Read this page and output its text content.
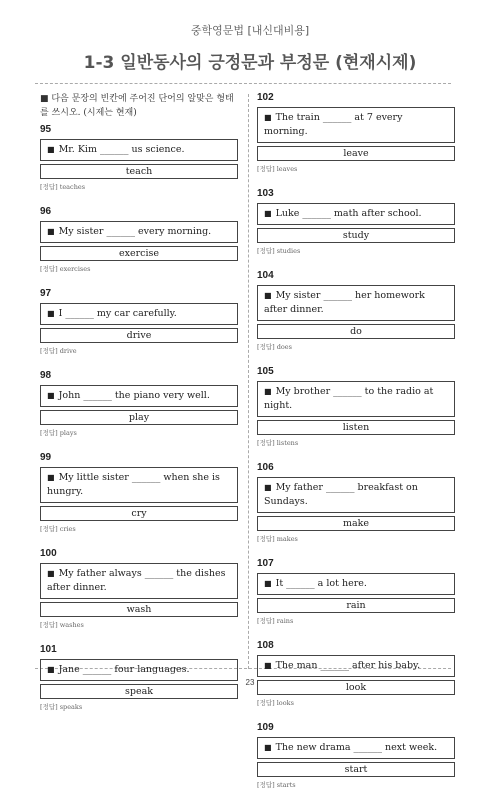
중학영문법 [내신대비용]
1-3 일반동사의 긍정문과 부정문 (현재시제)

■ 다음 문장의 빈칸에 주어진 단어의 알맞은 형태를 쓰시오. (시제는 현재)

95
■ Mr. Kim ______ us science.
teach
[정답] teaches
96
■ My sister ______ every morning.
exercise
[정답] exercises
97
■ I ______ my car carefully.
drive
[정답] drive
98
■ John ______ the piano very well.
play
[정답] plays
99
■ My little sister ______ when she is hungry.
cry
[정답] cries
100
■ My father always ______ the dishes after dinner.
wash
[정답] washes
101
■ Jane ______ four languages.
speak
[정답] speaks
102
■ The train ______ at 7 every morning.
leave
[정답] leaves
103
■ Luke ______ math after school.
study
[정답] studies
104
■ My sister ______ her homework after dinner.
do
[정답] does
105
■ My brother ______ to the radio at night.
listen
[정답] listens
106
■ My father ______ breakfast on Sundays.
make
[정답] makes
107
■ It ______ a lot here.
rain
[정답] rains
108
■ The man ______ after his baby.
look
[정답] looks
109
■ The new drama ______ next week.
start
[정답] starts
23
